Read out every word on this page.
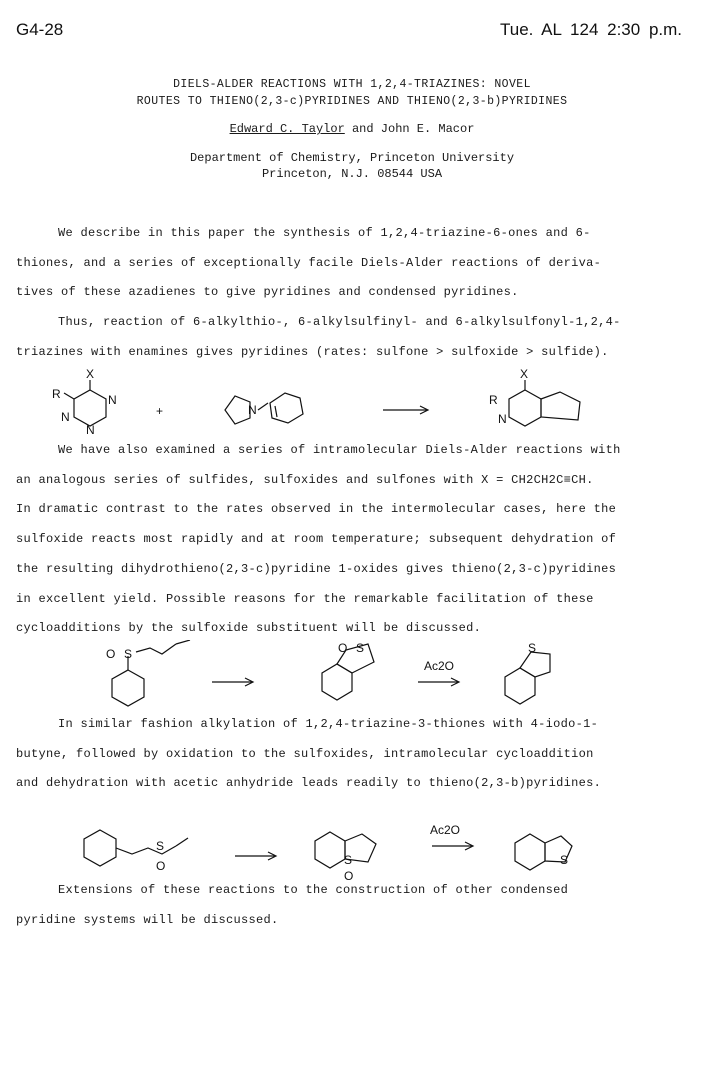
G4-28	Tue. AL 124 2:30 p.m.
DIELS-ALDER REACTIONS WITH 1,2,4-TRIAZINES: NOVEL
ROUTES TO THIENO(2,3-c)PYRIDINES AND THIENO(2,3-b)PYRIDINES
Edward C. Taylor and John E. Macor
Department of Chemistry, Princeton University
Princeton, N.J. 08544 USA
We describe in this paper the synthesis of 1,2,4-triazine-6-ones and 6-
thiones, and a series of exceptionally facile Diels-Alder reactions of deriva-
tives of these azadienes to give pyridines and condensed pyridines.
Thus, reaction of 6-alkylthio-, 6-alkylsulfinyl- and 6-alkylsulfonyl-1,2,4-
triazines with enamines gives pyridines (rates: sulfone > sulfoxide > sulfide).
X
R	N
N
N
+	N
X
R
N
We have also examined a series of intramolecular Diels-Alder reactions with
an analogous series of sulfides, sulfoxides and sulfones with X = CH2CH2C≡CH.
In dramatic contrast to the rates observed in the intermolecular cases, here the
sulfoxide reacts most rapidly and at room temperature; subsequent dehydration of
the resulting dihydrothieno(2,3-c)pyridine 1-oxides gives thieno(2,3-c)pyridines
in excellent yield. Possible reasons for the remarkable facilitation of these
cycloadditions by the sulfoxide substituent will be discussed.
O S	O S
Ac2O
S
In similar fashion alkylation of 1,2,4-triazine-3-thiones with 4-iodo-1-
butyne, followed by oxidation to the sulfoxides, intramolecular cycloaddition
and dehydration with acetic anhydride leads readily to thieno(2,3-b)pyridines.
S
O	S
O
Ac2O
S
Extensions of these reactions to the construction of other condensed
pyridine systems will be discussed.
